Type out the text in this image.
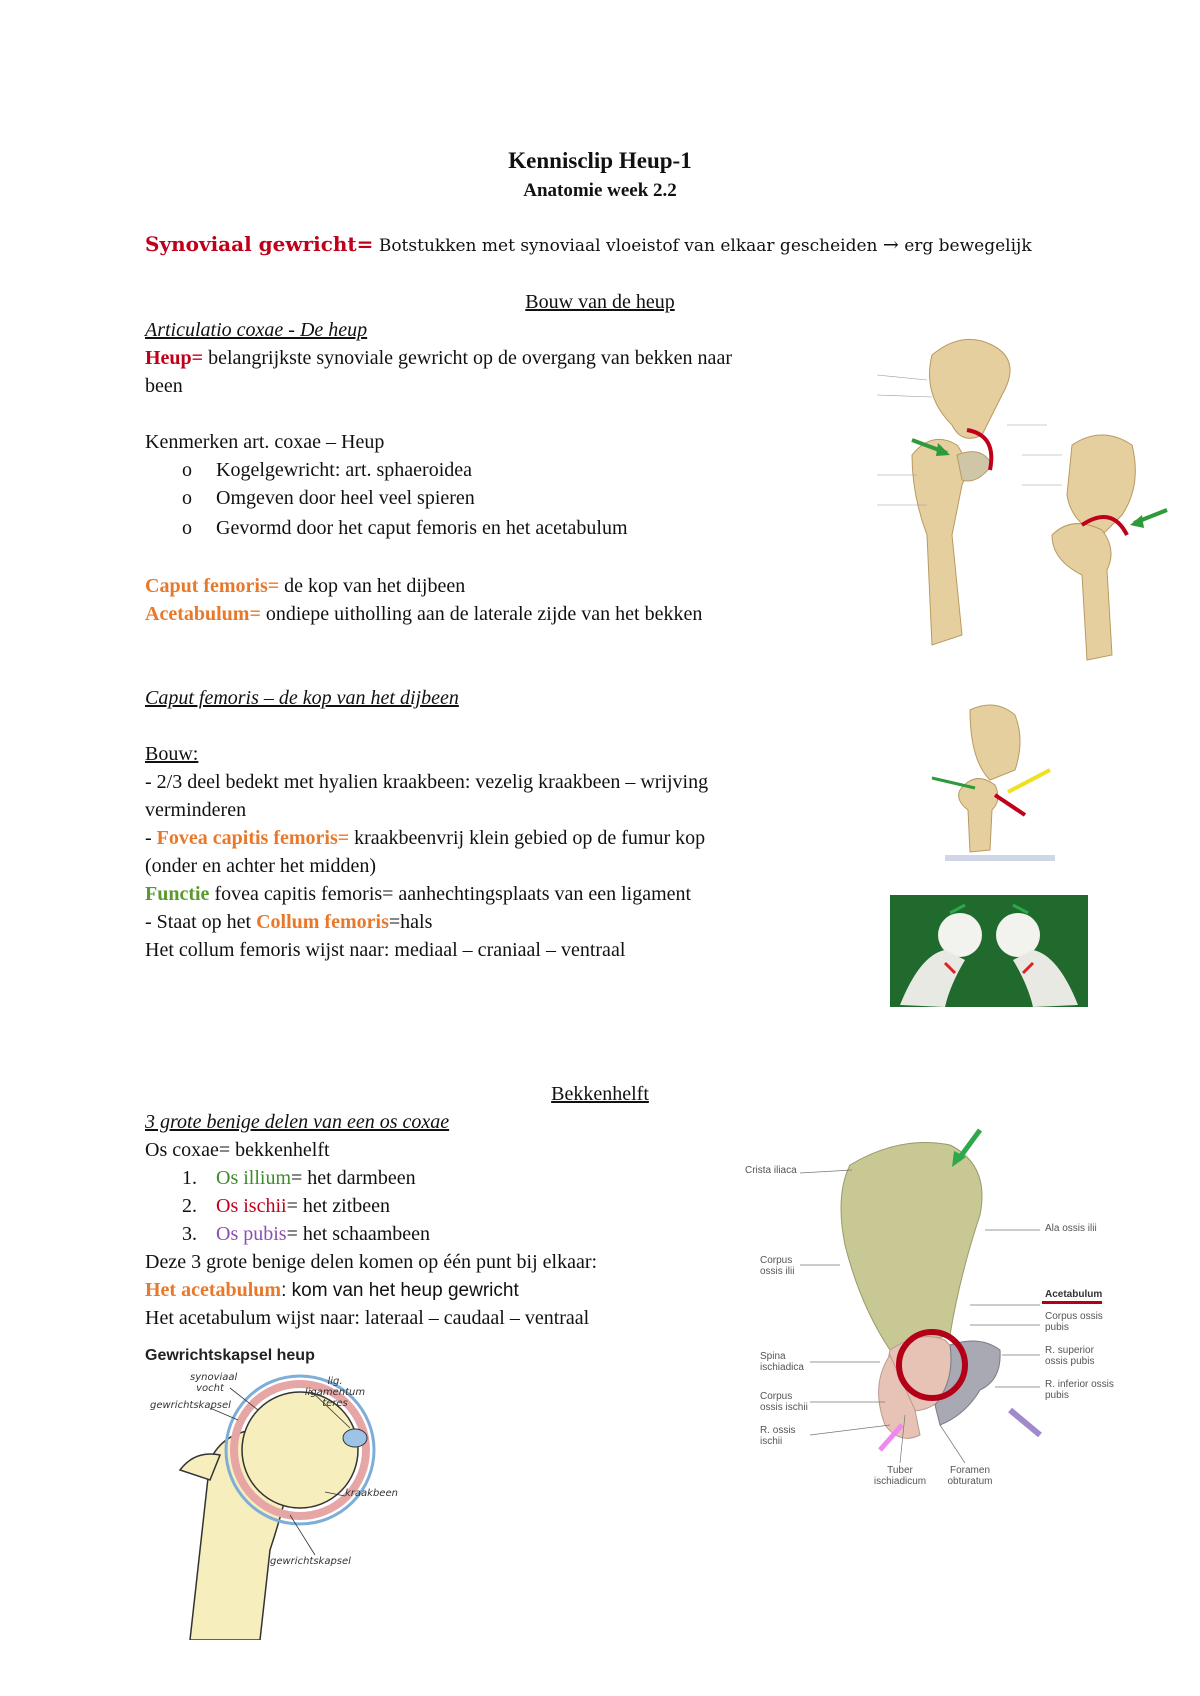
Kennisclip Heup-1
Anatomie week 2.2
Synoviaal gewricht= Botstukken met synoviaal vloeistof van elkaar gescheiden → erg bewegelijk
Bouw van de heup
Articulatio coxae - De heup
Heup= belangrijkste synoviale gewricht op de overgang van bekken naar
been
Kenmerken art. coxae – Heup
o Kogelgewricht: art. sphaeroidea
o Omgeven door heel veel spieren
o Gevormd door het caput femoris en het acetabulum
Caput femoris= de kop van het dijbeen
Acetabulum= ondiepe uitholling aan de laterale zijde van het bekken
Caput femoris – de kop van het dijbeen
Bouw:
- 2/3 deel bedekt met hyalien kraakbeen: vezelig kraakbeen – wrijving
verminderen
- Fovea capitis femoris= kraakbeenvrij klein gebied op de fumur kop
(onder en achter het midden)
Functie fovea capitis femoris= aanhechtingsplaats van een ligament
- Staat op het Collum femoris=hals
Het collum femoris wijst naar: mediaal – craniaal – ventraal
Bekkenhelft
3 grote benige delen van een os coxae
Os coxae= bekkenhelft
1. Os illium= het darmbeen
2. Os ischii= het zitbeen
3. Os pubis= het schaambeen
Deze 3 grote benige delen komen op één punt bij elkaar:
Het acetabulum: kom van het heup gewricht
Het acetabulum wijst naar: lateraal – caudaal – ventraal
Crista iliaca
Ala ossis ilii
Corpus ossis ilii
Acetabulum
Corpus ossis pubis
Spina ischiadica
R. superior ossis pubis
Corpus ossis ischii
R. inferior ossis pubis
R. ossis ischii
Tuber ischiadicum
Foramen obturatum
Gewrichtskapsel heup
synoviaal vocht
lig. ligamentum teres
gewrichtskapsel
kraakbeen
gewrichtskapsel
